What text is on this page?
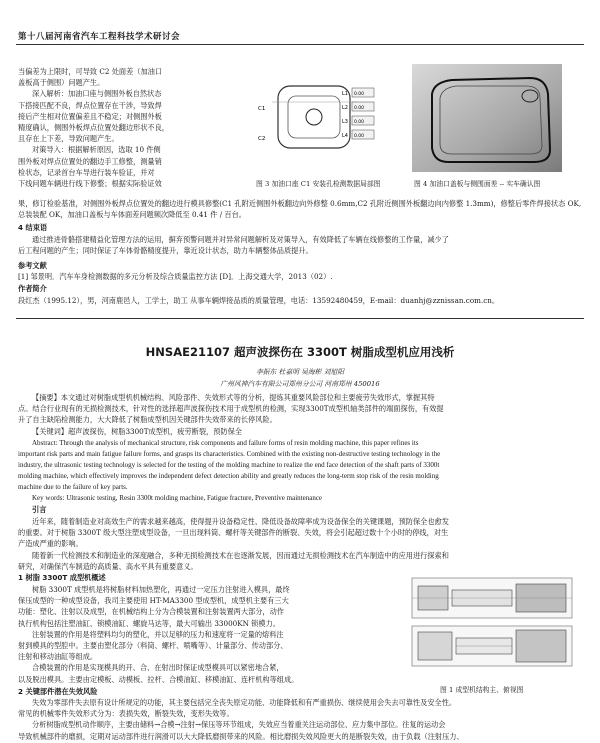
第十八届河南省汽车工程科技学术研讨会

当偏差为上限时，可导致 C2 处面差（加油口

盖板高于侧围）问题产生。

深入解析：加油口座与侧围外板自然状态

下搭接匹配不良，焊点位置存在干涉，导致焊

接后产生相对位置偏差且不稳定；对侧围外板

精度确认，侧围外板焊点位置处翻边形状不良，

且存在上下差，导致问题产生。

对策导入：根据解析原因，选取 10 件侧

围外板对焊点位置处的翻边手工修整，测量销

检状态，记录首台车导进行装车验证，并对

下线问题车辆进行线下修整；根据实际验证效

L1
L2
L3
L4
0.00
0.00
0.00
0.00
C1
C2
图 3 加油口座 C1 安装孔检测数据局部图	图 4 加油口盖板与侧围面差 -- 实车确认图

果，修订检验基准，对侧围外板焊点位置处的翻边进行模具修整(C1 孔附近侧围外板翻边向外修整 0.6mm,C2 孔附近侧围外板翻边向内修整 1.3mm)，修整后零件焊接状态 OK, 总装装配 OK，加油口盖板与车体面差问题频次降低至 0.41 件 / 百台。

4 结束语

通过推进骨骼搭建精益化管理方法的运用，摒弃预警问题并对异常问题解析及对策导入，有效降低了车辆在线修整的工作量，减少了

后工程问题的产生；同时保证了车体骨骼精度提升，靠近设计状态，助力车辆整体品质提升。

参考文献
[1] 邹景明．汽车车身检测数据的多元分析及综合质量监控方法 [D]．上海交通大学，2013（02）.
作者简介
段红杰（1995.12），男，河南鹿邑人，工学士，助工 从事车辆焊接品质的质量管理，电话：13592480459，E-mail：duanhj@zznissan.com.cn。
HNSAE21107 超声波探伤在 3300T 树脂成型机应用浅析
李振东 杜嘉明 吴海彬 刘旭阳
广州风神汽车有限公司郑州分公司 河南郑州 450016

【摘要】本文通过对树脂成型机机械结构、风险部件、失效形式等的分析，提炼其重要风险部位和主要疲劳失效形式，掌握其特

点。结合行业现有的无损检测技术，针对性的选择超声波探伤技术用于成型机的检测，实现3300T成型机轴类部件的端面探伤，有效提

升了自主缺陷检测能力，大大降低了树脂成型机因关键部件失效带来的长停风险。

【关键词】超声波探伤，树脂3300T成型机，疲劳断裂，预防保全

Abstract: Through the analysis of mechanical structure, risk components and failure forms of resin molding machine, this paper refines its

important risk parts and main fatigue failure forms, and grasps its characteristics. Combined with the existing non-destructive testing technology in the

industry, the ultrasonic testing technology is selected for the testing of the molding machine to realize the end face detection of the shaft parts of 3300t

molding machine, which effectively improves the independent defect detection ability and greatly reduces the long-term stop risk of the resin molding

machine due to the failure of key parts.

Key words: Ultrasonic testing, Resin 3300t molding machine, Fatigue fracture, Preventive maintenance

引言

近年来，随着制造业对高效生产的需求越来越高，使得提升设备稳定性、降低设备故障率成为设备保全的关键课题，预防保全也愈发

的重要。对于树脂 3300T 级大型注塑成型设备，一旦出现料筒、螺杆等关键部件的断裂、失效，将会引起超过数十个小时的停线，对生

产造成严重的影响。

随着新一代检测技术和制造业的深度融合，多种无损检测技术在也逐渐发展，因而通过无损检测技术在汽车制造中的应用进行探索和

研究，对确保汽车制造的高质量、高水平具有重要意义。

1 树脂 3300T 成型机概述

树脂 3300T 成型机是将树脂材料加热塑化，再通过一定压力注射进入模具，最终

保压成型的一种成型设备，我司主要使用 HT-MA3300 型成型机，成型机主要有三大

功能：塑化、注射以及成型，在机械结构上分为合模装置和注射装置两大部分，动作

执行机构包括注塑油缸、锁模油缸、螺旋马达等，最大可输出 33000KN 锁模力。

注射装置的作用是将塑料均匀的塑化，并以足够的压力和速度将一定量的熔料注

射到模具的型腔中。主要由塑化部分（料筒、螺杆、喷嘴等）、计量部分、传动部分、

注射和移动油缸等组成。

合模装置的作用是实现模具的开、合、在射出时保证成型模具可以紧密地合紧，

以及脱出模具。主要由定模板、动模板、拉杆、合模油缸、移模油缸、连杆机构等组成。

图 1 成型机结构主、俯视图
2 关键部件潜在失效风险

失效为零部件失去原有设计所规定的功能，其主要包括完全丧失原定功能、功能降低和有严重损伤、继续使用会失去可靠性及安全性。

常见的机械零件失效形式分为：表损失效，断裂失效，变形失效等。

分析树脂成型机动作顺序，主要由储料→合模→注射→保压等环节组成，失效应当着重关注运动部位、应力集中部位。往复的运动会

导致机械部件的磨损，定期对运动部件进行润滑可以大大降低磨损带来的风险。相比磨损失效风险更大的是断裂失效，由于负载（注射压力、
